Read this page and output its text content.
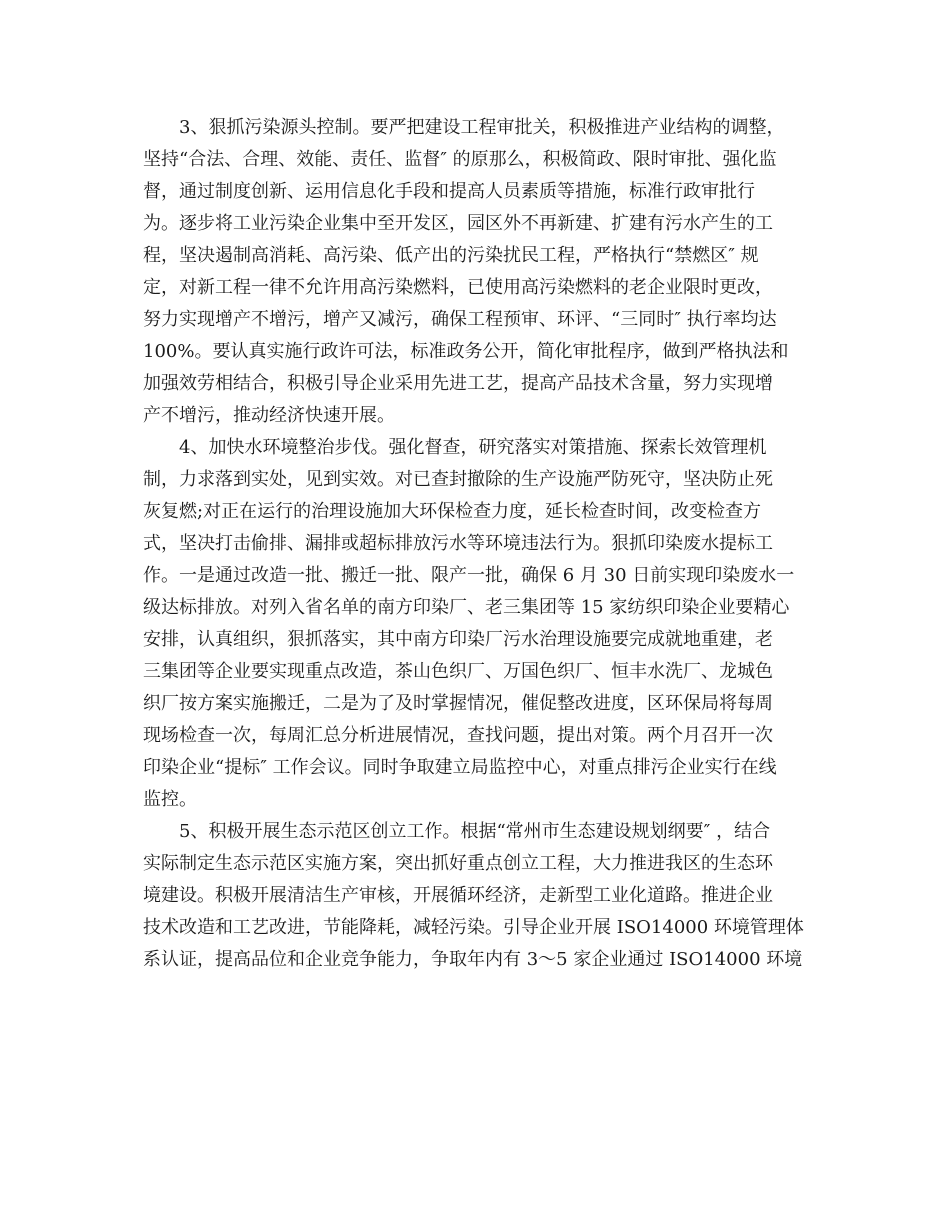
3、狠抓污染源头控制。要严把建设工程审批关，积极推进产业结构的调整，
坚持“合法、合理、效能、责任、监督″ 的原那么，积极简政、限时审批、强化监
督，通过制度创新、运用信息化手段和提高人员素质等措施，标准行政审批行
为。逐步将工业污染企业集中至开发区，园区外不再新建、扩建有污水产生的工
程，坚决遏制高消耗、高污染、低产出的污染扰民工程，严格执行“禁燃区″ 规
定，对新工程一律不允许用高污染燃料，已使用高污染燃料的老企业限时更改，
努力实现增产不增污，增产又减污，确保工程预审、环评、“三同时″ 执行率均达
100%。要认真实施行政许可法，标准政务公开，简化审批程序，做到严格执法和
加强效劳相结合，积极引导企业采用先进工艺，提高产品技术含量，努力实现增
产不增污，推动经济快速开展。
4、加快水环境整治步伐。强化督查，研究落实对策措施、探索长效管理机
制，力求落到实处，见到实效。对已查封撤除的生产设施严防死守，坚决防止死
灰复燃;对正在运行的治理设施加大环保检查力度，延长检查时间，改变检查方
式，坚决打击偷排、漏排或超标排放污水等环境违法行为。狠抓印染废水提标工
作。一是通过改造一批、搬迁一批、限产一批，确保 6 月 30 日前实现印染废水一
级达标排放。对列入省名单的南方印染厂、老三集团等 15 家纺织印染企业要精心
安排，认真组织，狠抓落实，其中南方印染厂污水治理设施要完成就地重建，老
三集团等企业要实现重点改造，茶山色织厂、万国色织厂、恒丰水洗厂、龙城色
织厂按方案实施搬迁，二是为了及时掌握情况，催促整改进度，区环保局将每周
现场检查一次，每周汇总分析进展情况，查找问题，提出对策。两个月召开一次
印染企业“提标″ 工作会议。同时争取建立局监控中心，对重点排污企业实行在线
监控。
5、积极开展生态示范区创立工作。根据“常州市生态建设规划纲要″ ，结合
实际制定生态示范区实施方案，突出抓好重点创立工程，大力推进我区的生态环
境建设。积极开展清洁生产审核，开展循环经济，走新型工业化道路。推进企业
技术改造和工艺改进，节能降耗，减轻污染。引导企业开展 ISO14000 环境管理体
系认证，提高品位和企业竞争能力，争取年内有 3～5 家企业通过 ISO14000 环境
